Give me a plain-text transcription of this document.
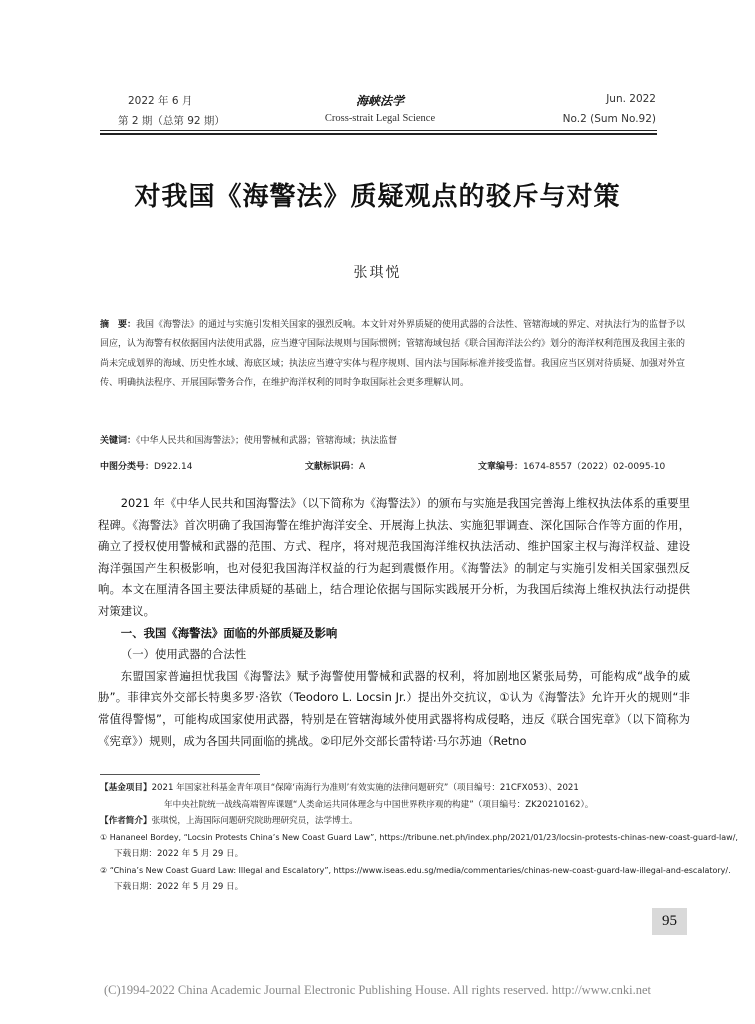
2022 年 6 月
第 2 期（总第 92 期）
海峡法学
Cross-strait Legal Science
Jun. 2022
No.2 (Sum No.92)
对我国《海警法》质疑观点的驳斥与对策
张琪悦
摘　要：我国《海警法》的通过与实施引发相关国家的强烈反响。本文针对外界质疑的使用武器的合法性、管辖海域的界定、对执法行为的监督予以回应，认为海警有权依据国内法使用武器，应当遵守国际法规则与国际惯例；管辖海域包括《联合国海洋法公约》划分的海洋权利范围及我国主张的尚未完成划界的海域、历史性水域、海底区域；执法应当遵守实体与程序规则、国内法与国际标准并接受监督。我国应当区别对待质疑、加强对外宣传、明确执法程序、开展国际警务合作，在维护海洋权利的同时争取国际社会更多理解认同。
关键词：《中华人民共和国海警法》；使用警械和武器；管辖海域；执法监督
中图分类号：D922.14	文献标识码：A	文章编号：1674-8557（2022）02-0095-10

2021 年《中华人民共和国海警法》（以下简称为《海警法》）的颁布与实施是我国完善海上维权执法体系的重要里程碑。《海警法》首次明确了我国海警在维护海洋安全、开展海上执法、实施犯罪调查、深化国际合作等方面的作用，确立了授权使用警械和武器的范围、方式、程序，将对规范我国海洋维权执法活动、维护国家主权与海洋权益、建设海洋强国产生积极影响，也对侵犯我国海洋权益的行为起到震慑作用。《海警法》的制定与实施引发相关国家强烈反响。本文在厘清各国主要法律质疑的基础上，结合理论依据与国际实践展开分析，为我国后续海上维权执法行动提供对策建议。

一、我国《海警法》面临的外部质疑及影响

（一）使用武器的合法性

东盟国家普遍担忧我国《海警法》赋予海警使用警械和武器的权利，将加剧地区紧张局势，可能构成“战争的威胁”。菲律宾外交部长特奥多罗·洛钦（Teodoro L. Locsin Jr.）提出外交抗议，①认为《海警法》允许开火的规则“非常值得警惕”，可能构成国家使用武器，特别是在管辖海域外使用武器将构成侵略，违反《联合国宪章》（以下简称为《宪章》）规则，成为各国共同面临的挑战。②印尼外交部长雷特诺·马尔苏迪（Retno

【基金项目】2021 年国家社科基金青年项目“保障‘南海行为准则’有效实施的法律问题研究”（项目编号：21CFX053）、2021
年中央社院统一战线高端智库课题“人类命运共同体理念与中国世界秩序观的构建”（项目编号：ZK20210162）。
【作者简介】张琪悦，上海国际问题研究院助理研究员，法学博士。
① Hananeel Bordey, “Locsin Protests China’s New Coast Guard Law”, https://tribune.net.ph/index.php/2021/01/23/locsin-protests-chinas-new-coast-guard-law/,
下载日期：2022 年 5 月 29 日。
② “China’s New Coast Guard Law: Illegal and Escalatory”, https://www.iseas.edu.sg/media/commentaries/chinas-new-coast-guard-law-illegal-and-escalatory/.
下载日期：2022 年 5 月 29 日。
95
(C)1994-2022 China Academic Journal Electronic Publishing House. All rights reserved. http://www.cnki.net
